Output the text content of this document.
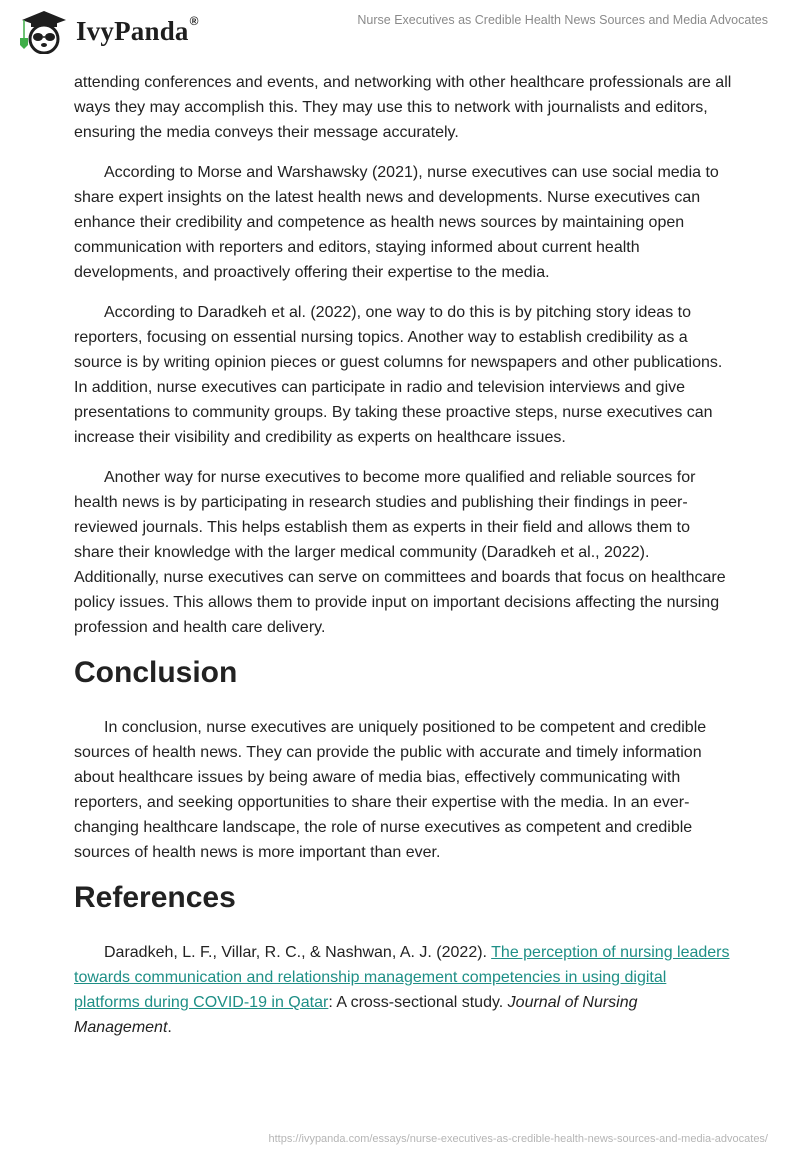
IvyPanda®	Nurse Executives as Credible Health News Sources and Media Advocates

attending conferences and events, and networking with other healthcare professionals are all ways they may accomplish this. They may use this to network with journalists and editors, ensuring the media conveys their message accurately.

According to Morse and Warshawsky (2021), nurse executives can use social media to share expert insights on the latest health news and developments. Nurse executives can enhance their credibility and competence as health news sources by maintaining open communication with reporters and editors, staying informed about current health developments, and proactively offering their expertise to the media.

According to Daradkeh et al. (2022), one way to do this is by pitching story ideas to reporters, focusing on essential nursing topics. Another way to establish credibility as a source is by writing opinion pieces or guest columns for newspapers and other publications. In addition, nurse executives can participate in radio and television interviews and give presentations to community groups. By taking these proactive steps, nurse executives can increase their visibility and credibility as experts on healthcare issues.

Another way for nurse executives to become more qualified and reliable sources for health news is by participating in research studies and publishing their findings in peer-reviewed journals. This helps establish them as experts in their field and allows them to share their knowledge with the larger medical community (Daradkeh et al., 2022). Additionally, nurse executives can serve on committees and boards that focus on healthcare policy issues. This allows them to provide input on important decisions affecting the nursing profession and health care delivery.

Conclusion

In conclusion, nurse executives are uniquely positioned to be competent and credible sources of health news. They can provide the public with accurate and timely information about healthcare issues by being aware of media bias, effectively communicating with reporters, and seeking opportunities to share their expertise with the media. In an ever-changing healthcare landscape, the role of nurse executives as competent and credible sources of health news is more important than ever.

References

Daradkeh, L. F., Villar, R. C., & Nashwan, A. J. (2022). The perception of nursing leaders towards communication and relationship management competencies in using digital platforms during COVID-19 in Qatar: A cross-sectional study. Journal of Nursing Management.

https://ivypanda.com/essays/nurse-executives-as-credible-health-news-sources-and-media-advocates/
